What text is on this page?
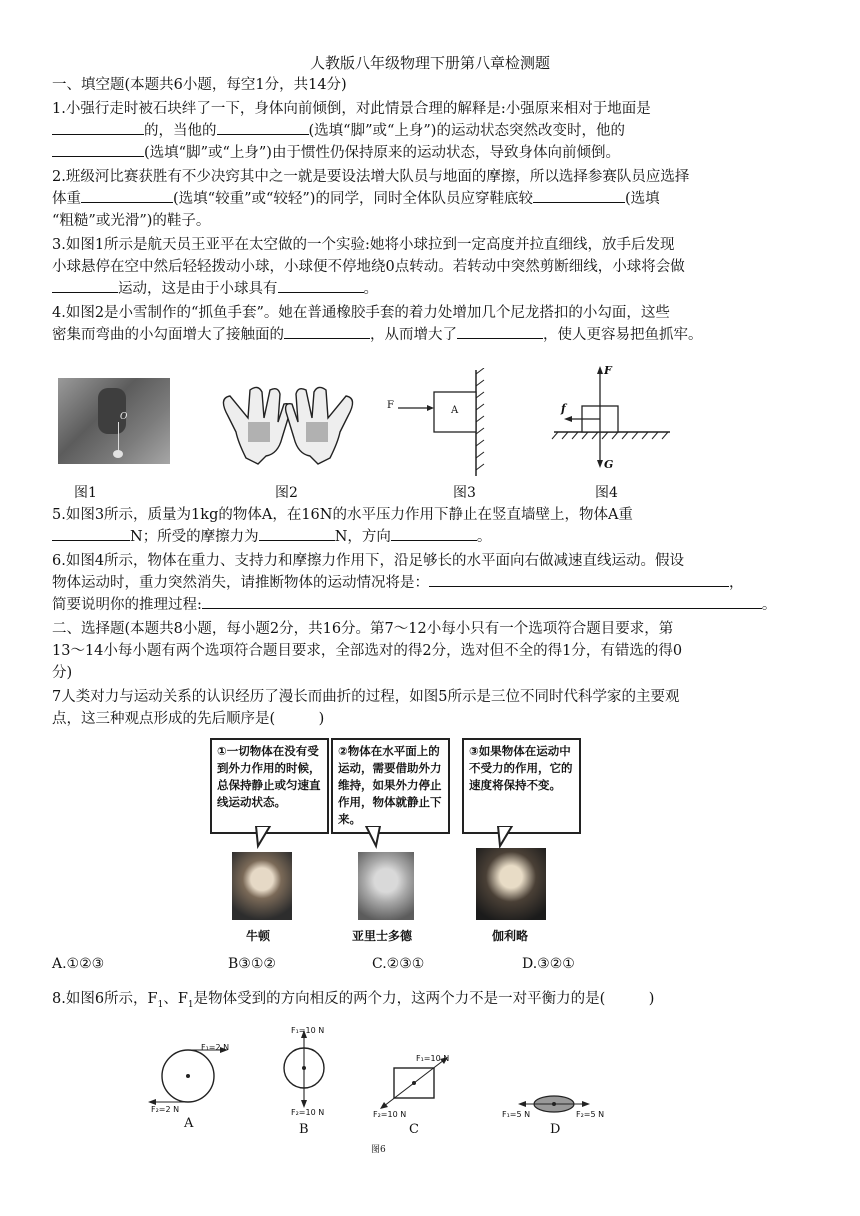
人教版八年级物理下册第八章检测题
一、填空题(本题共6小题，每空1分，共14分)
1.小强行走时被石块绊了一下，身体向前倾倒，对此情景合理的解释是:小强原来相对于地面是
的，当他的	(选填“脚”或“上身”)的运动状态突然改变时，他的
(选填“脚”或“上身”)由于惯性仍保持原来的运动状态，导致身体向前倾倒。
2.班级河比赛获胜有不少决窍其中之一就是要设法增大队员与地面的摩擦，所以选择参赛队员应选择
体重	(选填“较重”或“较轻”)的同学，同时全体队员应穿鞋底较	(选填
“粗糙”或光滑”)的鞋子。
3.如图1所示是航天员王亚平在太空做的一个实验:她将小球拉到一定高度并拉直细线，放手后发现
小球悬停在空中然后轻轻拨动小球，小球便不停地绕0点转动。若转动中突然剪断细线，小球将会做
运动，这是由于小球具有	。
4.如图2是小雪制作的“抓鱼手套”。她在普通橡胶手套的着力处增加几个尼龙搭扣的小勾面，这些
密集而弯曲的小勾面增大了接触面的	，从而增大了	，使人更容易把鱼抓牢。
O
F	A
F
f
G
图1	图2	图3	图4
5.如图3所示，质量为1kg的物体A，在16N的水平压力作用下静止在竖直墙壁上，物体A重
N；所受的摩擦力为	N，方向	。
6.如图4所示，物体在重力、支持力和摩擦力作用下，沿足够长的水平面向右做减速直线运动。假设
物体运动时，重力突然消失，请推断物体的运动情况将是：	，
简要说明你的推理过程:	。
二、选择题(本题共8小题，每小题2分，共16分。第7～12小每小只有一个选项符合题目要求，第
13～14小每小题有两个选项符合题目要求，全部选对的得2分，选对但不全的得1分，有错选的得0
分)
7人类对力与运动关系的认识经历了漫长而曲折的过程，如图5所示是三位不同时代科学家的主要观
点，这三种观点形成的先后顺序是(　　　)
①一切物体在没有受到外力作用的时候，总保持静止或匀速直线运动状态。
②物体在水平面上的运动，需要借助外力维持，如果外力停止作用，物体就静止下来。
③如果物体在运动中不受力的作用，它的速度将保持不变。
牛顿	亚里士多德	伽利略
A.①②③	B③①②	C.②③①	D.③②①
8.如图6所示，$F_1$、$F_1$是物体受到的方向相反的两个力，这两个力不是一对平衡力的是(　　　)
F₁=2 N
F₂=2 N
F₁=10 N
F₂=10 N
F₁=10 N
F₂=10 N	F₁=5 N	F₂=5 N
A	B	C	D
图6
